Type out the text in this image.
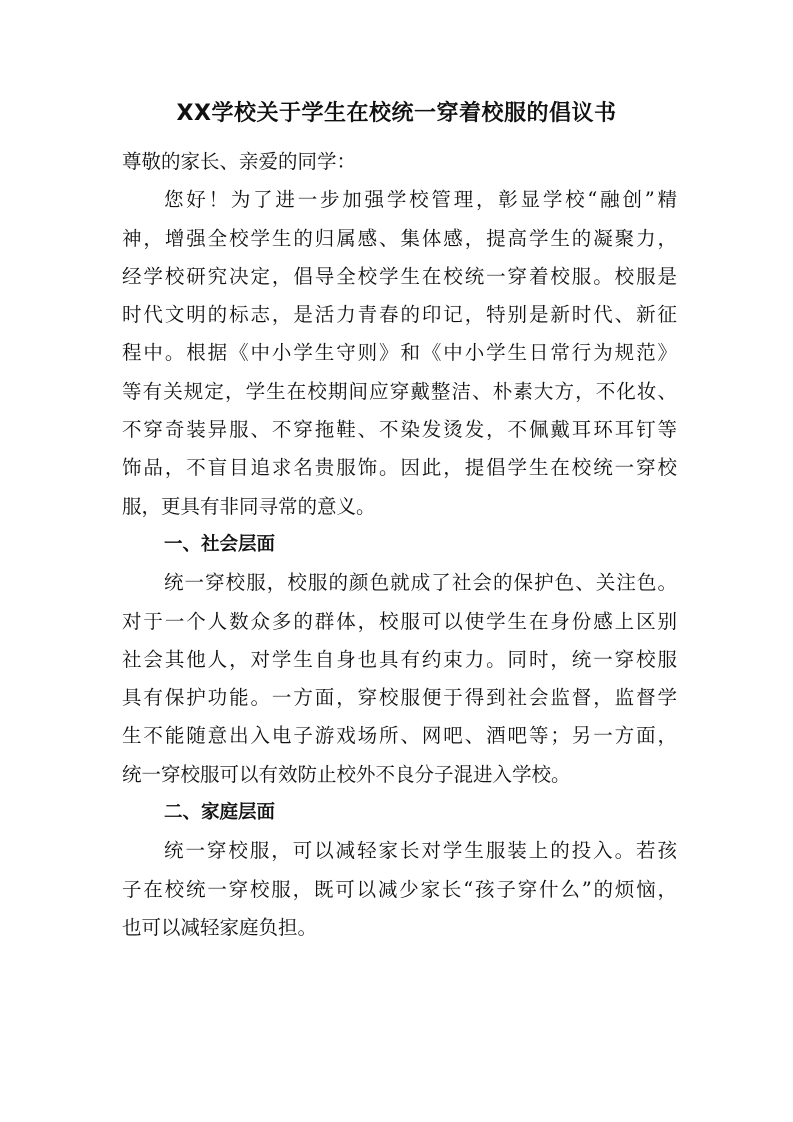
XX学校关于学生在校统一穿着校服的倡议书
尊敬的家长、亲爱的同学：
您好！为了进一步加强学校管理，彰显学校“融创”精
神，增强全校学生的归属感、集体感，提高学生的凝聚力，
经学校研究决定，倡导全校学生在校统一穿着校服。校服是
时代文明的标志，是活力青春的印记，特别是新时代、新征
程中。根据《中小学生守则》和《中小学生日常行为规范》
等有关规定，学生在校期间应穿戴整洁、朴素大方，不化妆、
不穿奇装异服、不穿拖鞋、不染发烫发，不佩戴耳环耳钉等
饰品，不盲目追求名贵服饰。因此，提倡学生在校统一穿校
服，更具有非同寻常的意义。
一、社会层面
统一穿校服，校服的颜色就成了社会的保护色、关注色。
对于一个人数众多的群体，校服可以使学生在身份感上区别
社会其他人，对学生自身也具有约束力。同时，统一穿校服
具有保护功能。一方面，穿校服便于得到社会监督，监督学
生不能随意出入电子游戏场所、网吧、酒吧等；另一方面，
统一穿校服可以有效防止校外不良分子混进入学校。
二、家庭层面
统一穿校服，可以减轻家长对学生服装上的投入。若孩
子在校统一穿校服，既可以减少家长“孩子穿什么”的烦恼，
也可以减轻家庭负担。
